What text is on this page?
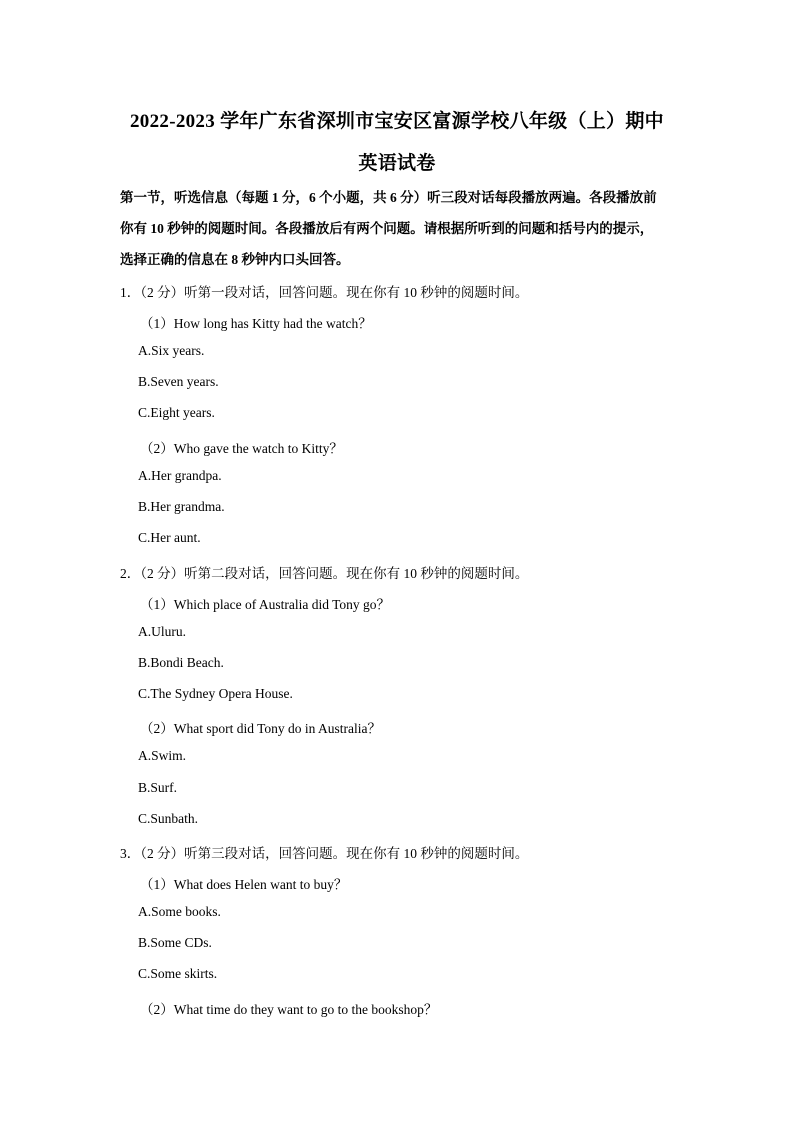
2022-2023 学年广东省深圳市宝安区富源学校八年级（上）期中
英语试卷
第一节，听选信息（每题 1 分，6 个小题，共 6 分）听三段对话每段播放两遍。各段播放前
你有 10 秒钟的阅题时间。各段播放后有两个问题。请根据所听到的问题和括号内的提示，
选择正确的信息在 8 秒钟内口头回答。
1．（2 分）听第一段对话，回答问题。现在你有 10 秒钟的阅题时间。
（1）How long has Kitty had the watch？
A.Six years.
B.Seven years.
C.Eight years.
（2）Who gave the watch to Kitty？
A.Her grandpa.
B.Her grandma.
C.Her aunt.
2．（2 分）听第二段对话，回答问题。现在你有 10 秒钟的阅题时间。
（1）Which place of Australia did Tony go？
A.Uluru.
B.Bondi Beach.
C.The Sydney Opera House.
（2）What sport did Tony do in Australia？
A.Swim.
B.Surf.
C.Sunbath.
3．（2 分）听第三段对话，回答问题。现在你有 10 秒钟的阅题时间。
（1）What does Helen want to buy？
A.Some books.
B.Some CDs.
C.Some skirts.
（2）What time do they want to go to the bookshop？
